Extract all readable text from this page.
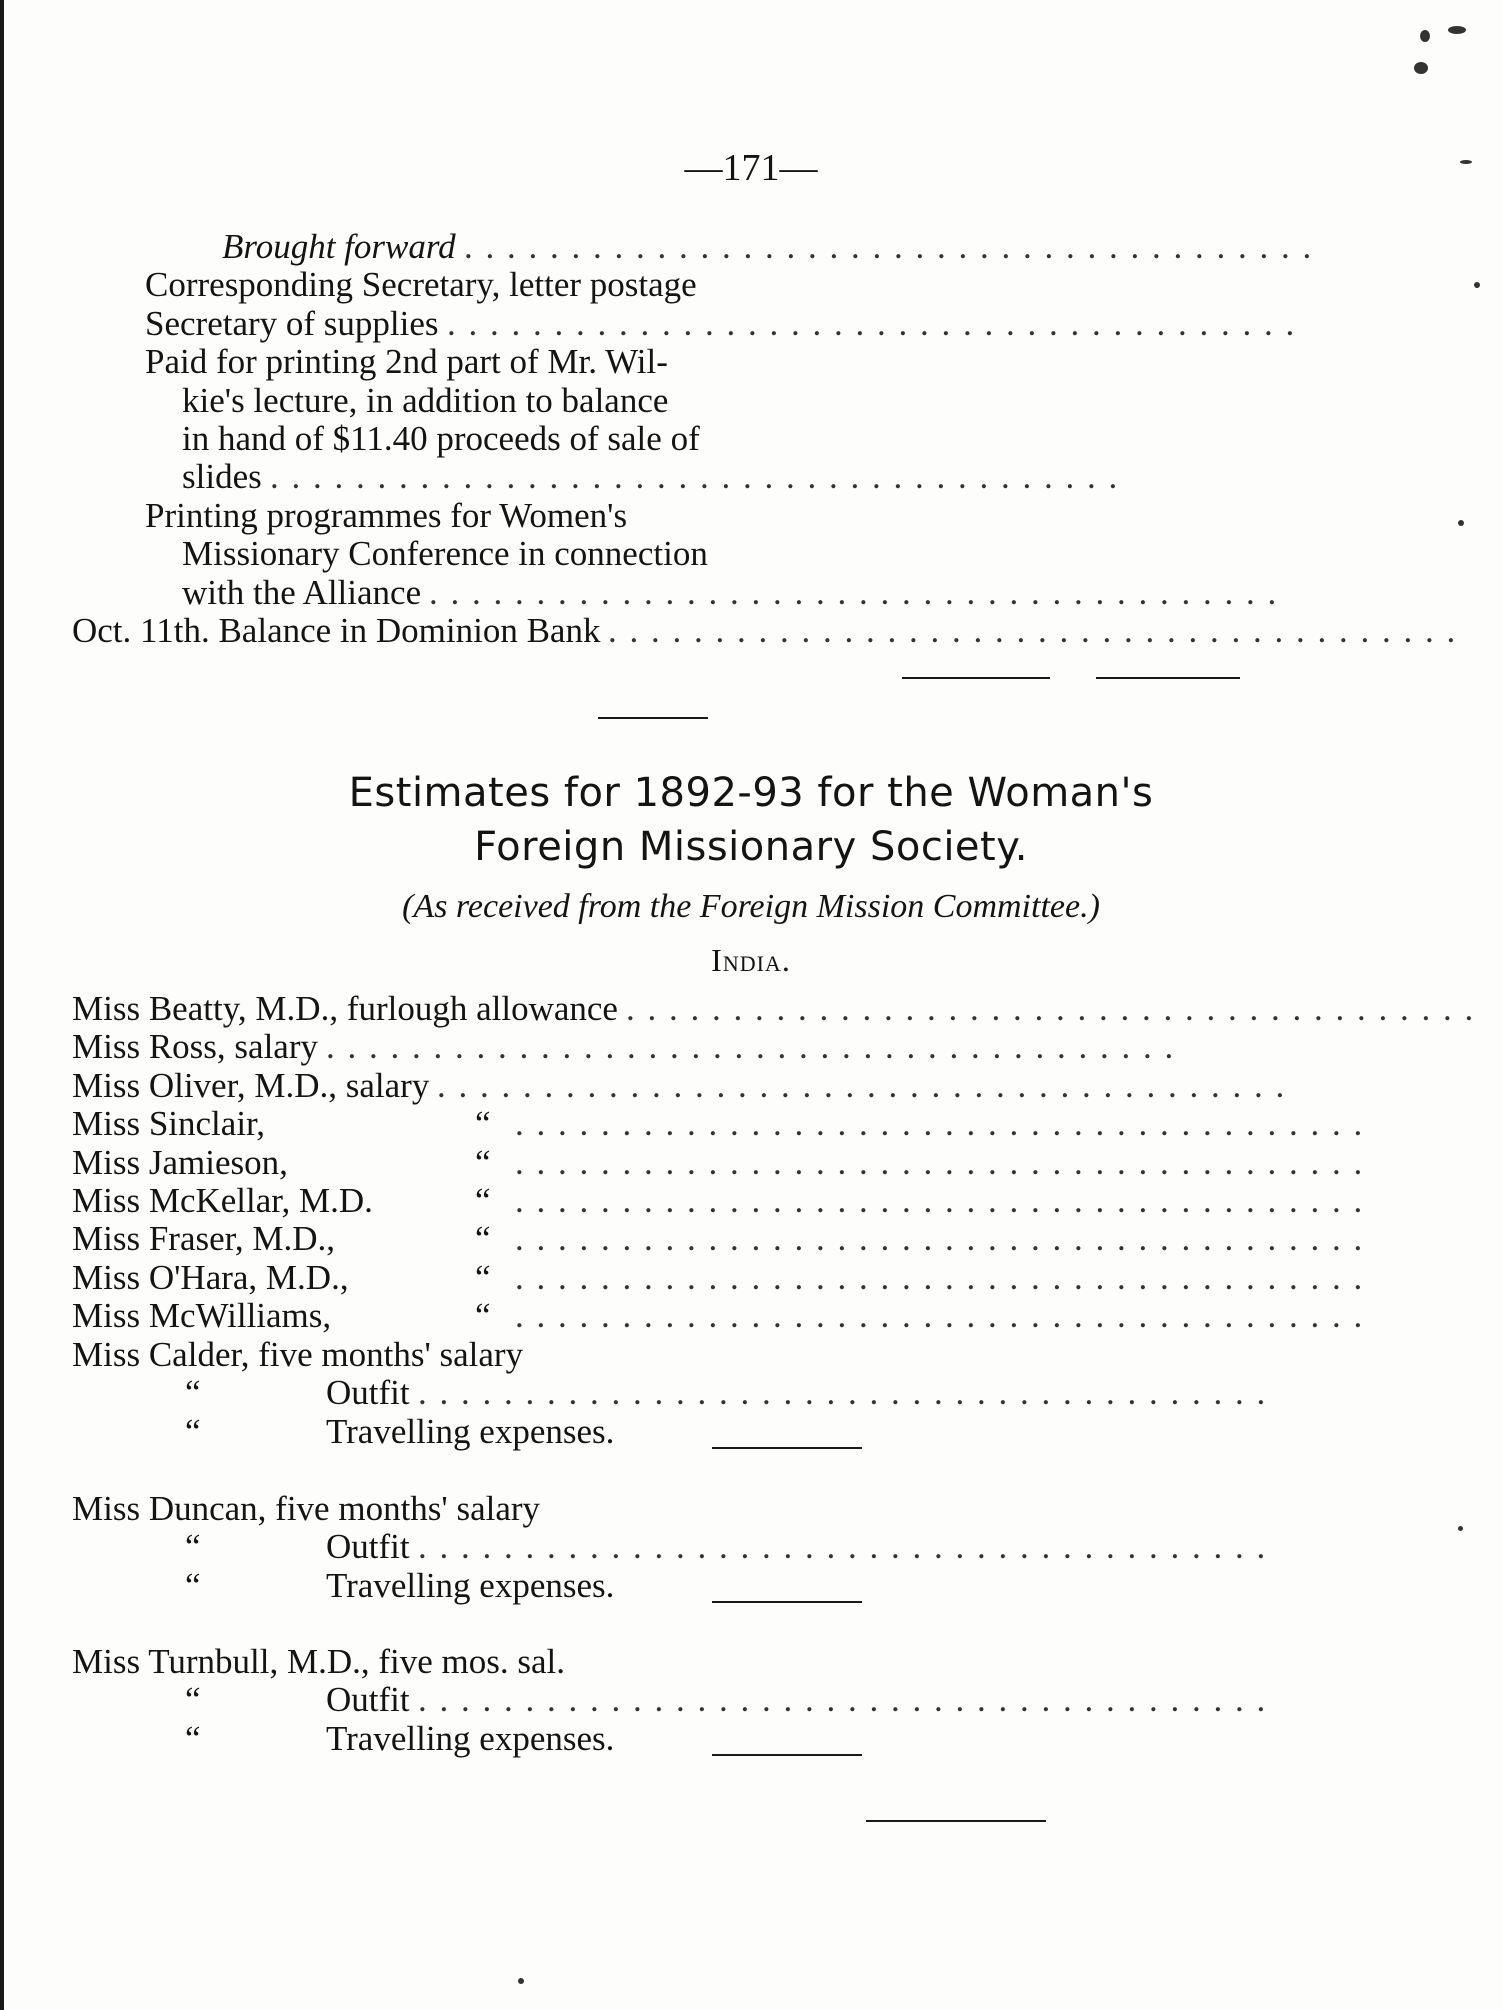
—171—
Brought forward . . . . . . . . . . . . . . . . . . . . . . . . . . . . . . . . . . . . . . . .
Corresponding Secretary, letter postage
Secretary of supplies . . . . . . . . . . . . . . . . . . . . . . . . . . . . . . . . . . . . . . . .
Paid for printing 2nd part of Mr. Wil-
kie's lecture, in addition to balance
in hand of $11.40 proceeds of sale of
slides . . . . . . . . . . . . . . . . . . . . . . . . . . . . . . . . . . . . . . . .
Printing programmes for Women's
Missionary Conference in connection
with the Alliance . . . . . . . . . . . . . . . . . . . . . . . . . . . . . . . . . . . . . . . .
Oct. 11th. Balance in Dominion Bank . . . . . . . . . . . . . . . . . . . . . . . . . . . . . . . . . . . . . . . .
Estimates for 1892-93 for the Woman's
Foreign Missionary Society.
(As received from the Foreign Mission Committee.)
India.
Miss Beatty, M.D., furlough allowance . . . . . . . . . . . . . . . . . . . . . . . . . . . . . . . . . . . . . . . .
Miss Ross, salary . . . . . . . . . . . . . . . . . . . . . . . . . . . . . . . . . . . . . . . .
Miss Oliver, M.D., salary . . . . . . . . . . . . . . . . . . . . . . . . . . . . . . . . . . . . . . . .
Miss Sinclair,	“ . . . . . . . . . . . . . . . . . . . . . . . . . . . . . . . . . . . . . . . .
Miss Jamieson,	“ . . . . . . . . . . . . . . . . . . . . . . . . . . . . . . . . . . . . . . . .
Miss McKellar, M.D.	“ . . . . . . . . . . . . . . . . . . . . . . . . . . . . . . . . . . . . . . . .
Miss Fraser, M.D.,	“ . . . . . . . . . . . . . . . . . . . . . . . . . . . . . . . . . . . . . . . .
Miss O'Hara, M.D.,	“ . . . . . . . . . . . . . . . . . . . . . . . . . . . . . . . . . . . . . . . .
Miss McWilliams,	“ . . . . . . . . . . . . . . . . . . . . . . . . . . . . . . . . . . . . . . . .
Miss Calder, five months' salary
“	Outfit . . . . . . . . . . . . . . . . . . . . . . . . . . . . . . . . . . . . . . . .
“	Travelling expenses.
Miss Duncan, five months' salary
“	Outfit . . . . . . . . . . . . . . . . . . . . . . . . . . . . . . . . . . . . . . . .
“	Travelling expenses.
Miss Turnbull, M.D., five mos. sal.
“	Outfit . . . . . . . . . . . . . . . . . . . . . . . . . . . . . . . . . . . . . . . .
“	Travelling expenses.
